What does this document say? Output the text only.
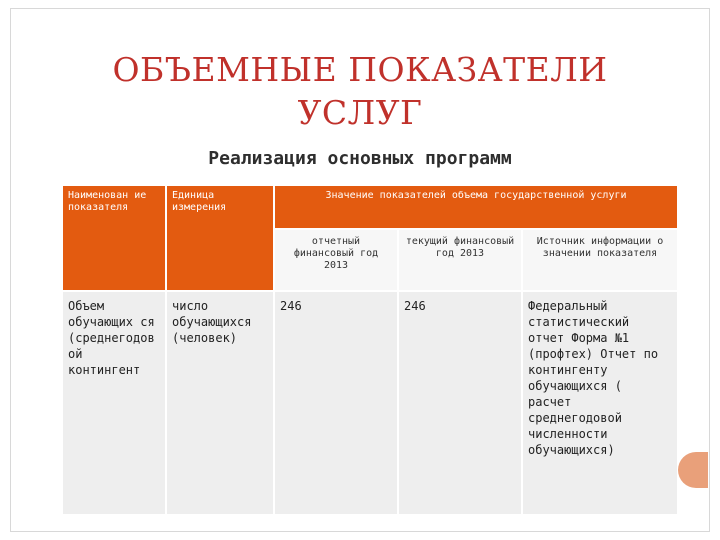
ОБЪЕМНЫЕ ПОКАЗАТЕЛИ
УСЛУГ
Реализация основных программ
Наименован ие показателя	Единица измерения	Значение показателей объема государственной услуги		
		отчетный финансовый год 2013	текущий финансовый год 2013	Источник информации о значении показателя
Объем обучающих ся (среднегодов ой контингент	число обучающихся (человек)	246	246	Федеральный статистический отчет Форма №1 (профтех) Отчет по контингенту обучающихся ( расчет среднегодовой численности обучающихся)
